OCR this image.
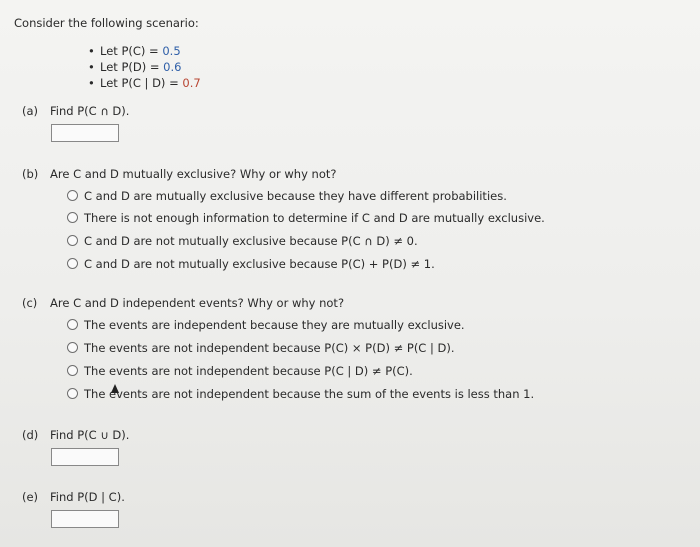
Consider the following scenario:
• Let P(C) = 0.5
• Let P(D) = 0.6
• Let P(C | D) = 0.7
(a) Find P(C ∩ D).
(b) Are C and D mutually exclusive? Why or why not?
C and D are mutually exclusive because they have different probabilities.
There is not enough information to determine if C and D are mutually exclusive.
C and D are not mutually exclusive because P(C ∩ D) ≠ 0.
C and D are not mutually exclusive because P(C) + P(D) ≠ 1.
(c) Are C and D independent events? Why or why not?
The events are independent because they are mutually exclusive.
The events are not independent because P(C) × P(D) ≠ P(C | D).
The events are not independent because P(C | D) ≠ P(C).
The events are not independent because the sum of the events is less than 1.
(d) Find P(C ∪ D).
(e) Find P(D | C).
